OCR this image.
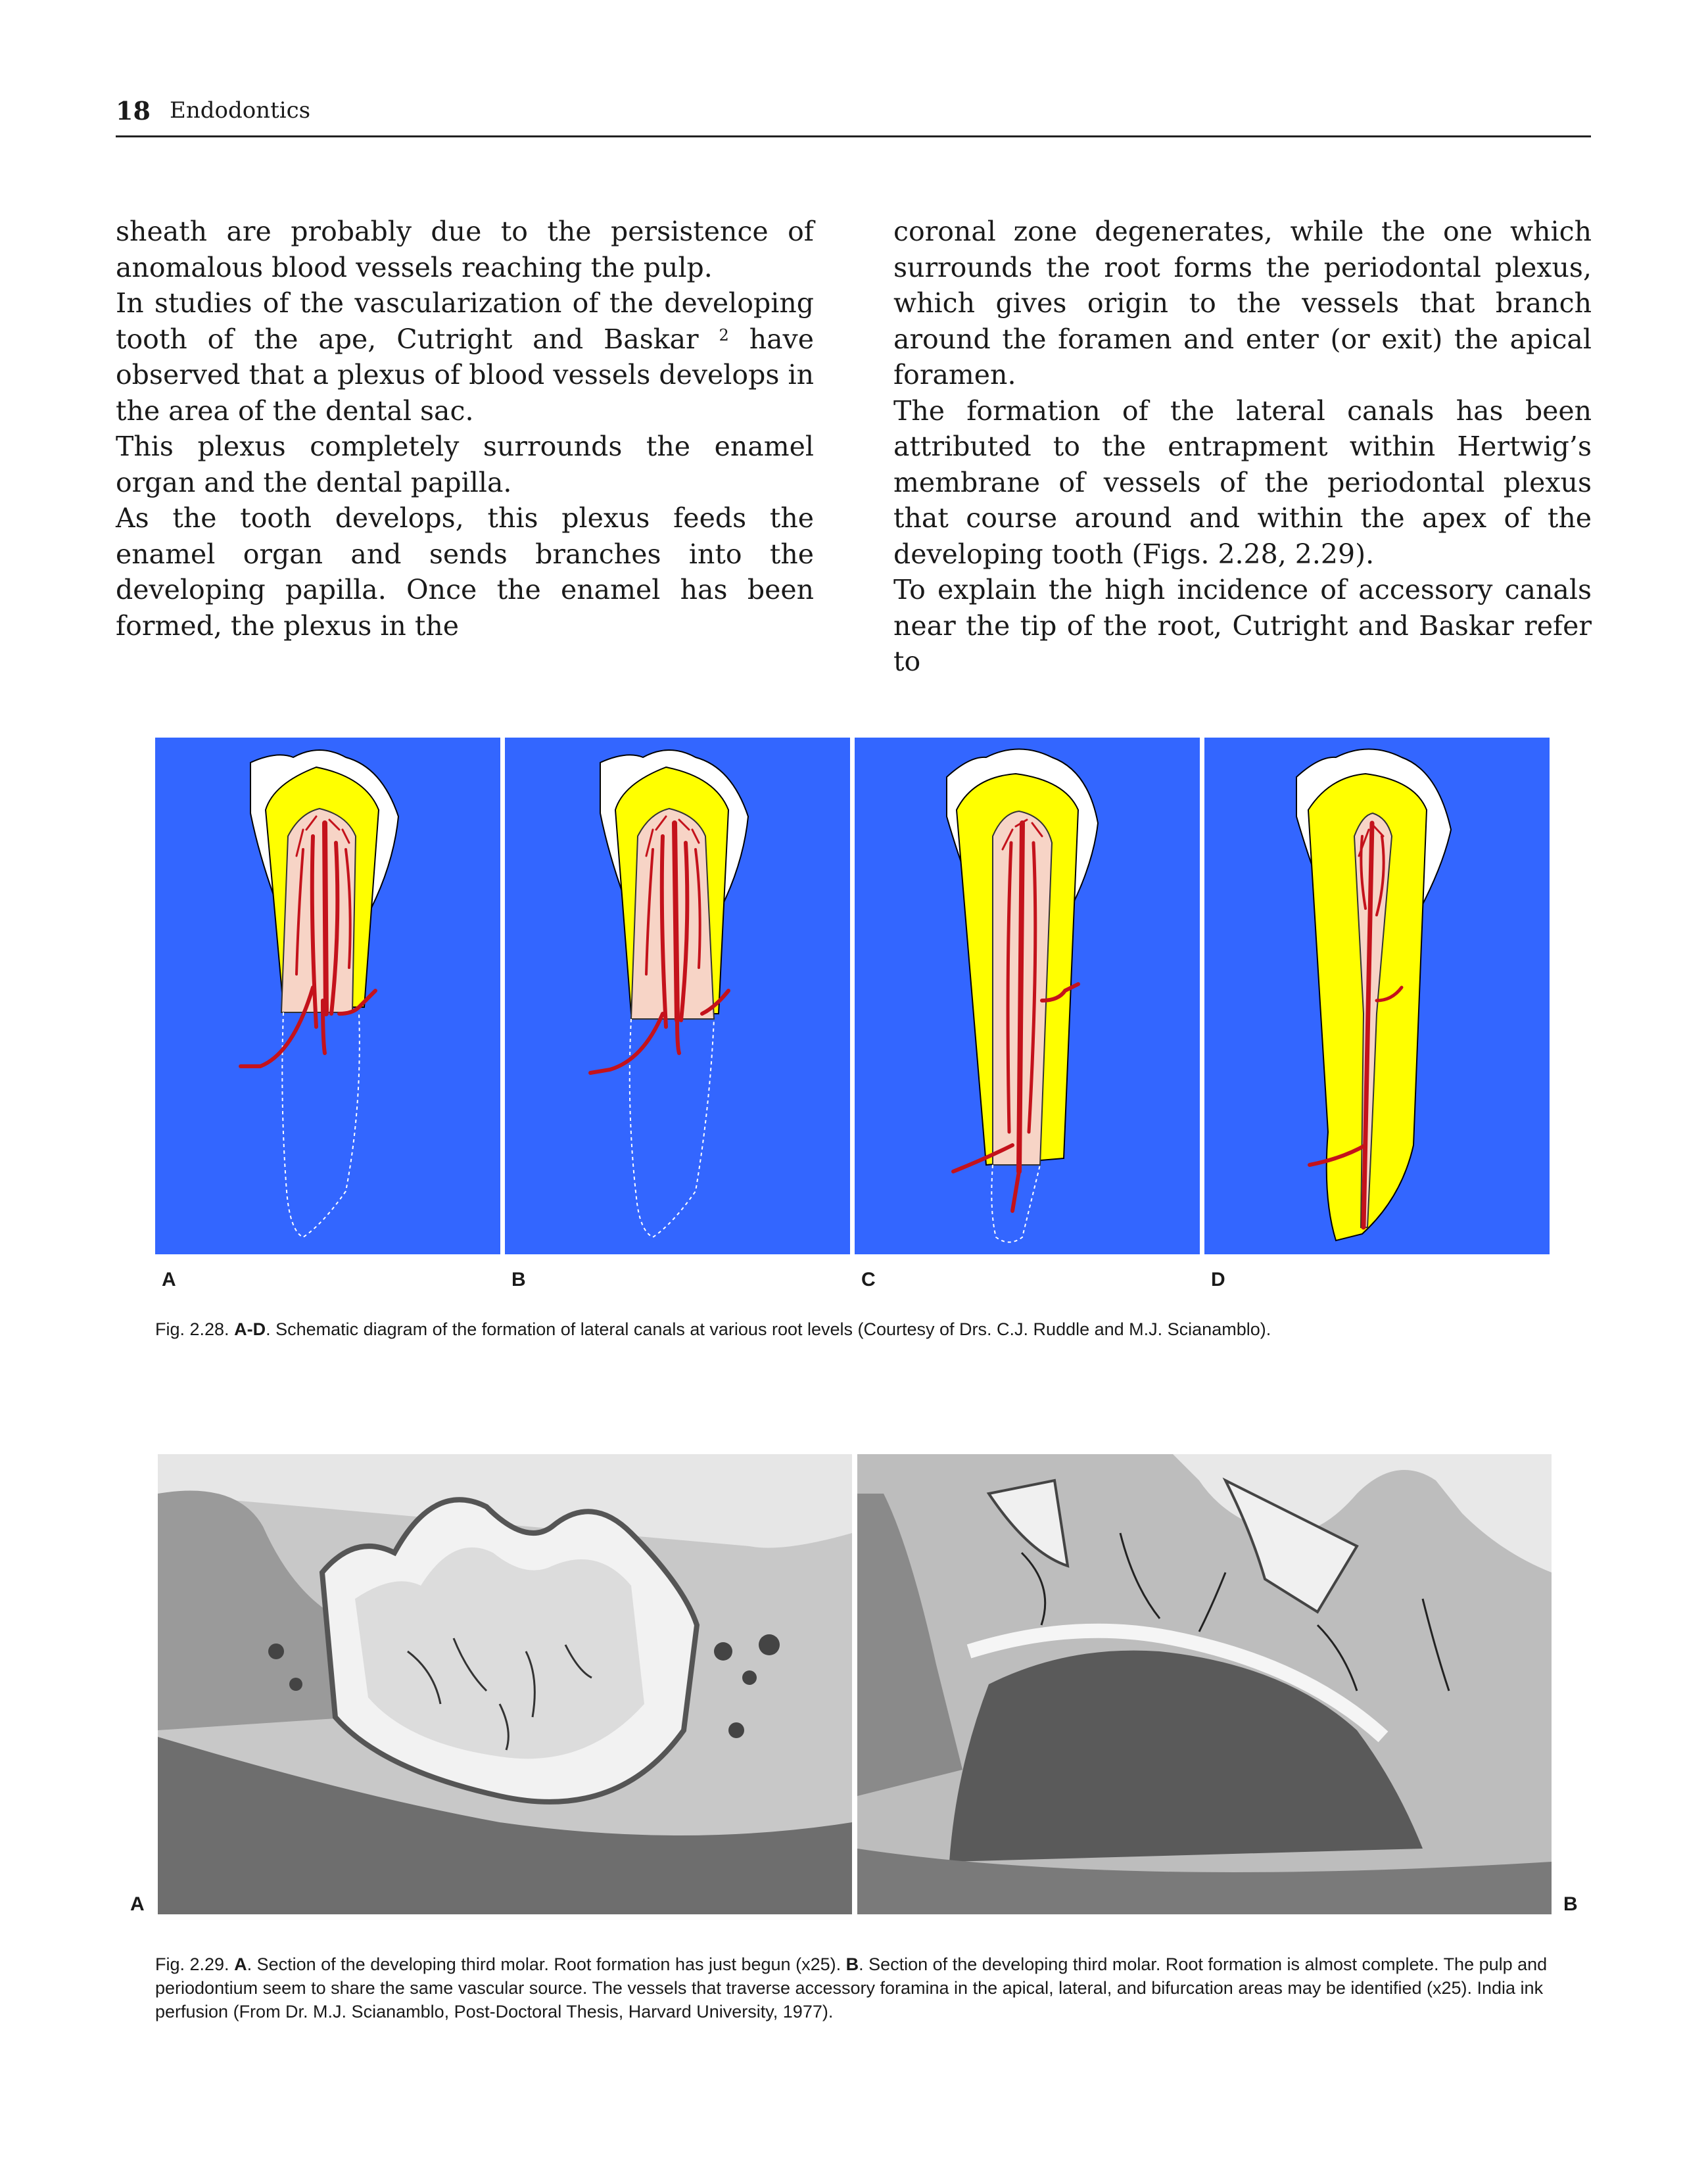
18 Endodontics

sheath are probably due to the persistence of anomalous blood vessels reaching the pulp.

In studies of the vascularization of the developing tooth of the ape, Cutright and Baskar $^2$ have observed that a plexus of blood vessels develops in the area of the dental sac.

This plexus completely surrounds the enamel organ and the dental papilla.

As the tooth develops, this plexus feeds the enamel organ and sends branches into the developing papilla. Once the enamel has been formed, the plexus in the

coronal zone degenerates, while the one which surrounds the root forms the periodontal plexus, which gives origin to the vessels that branch around the foramen and enter (or exit) the apical foramen.

The formation of the lateral canals has been attributed to the entrapment within Hertwig’s membrane of vessels of the periodontal plexus that course around and within the apex of the developing tooth (Figs. 2.28, 2.29).

To explain the high incidence of accessory canals near the tip of the root, Cutright and Baskar refer to

A	B	C	D
Fig. 2.28. A-D. Schematic diagram of the formation of lateral canals at various root levels (Courtesy of Drs. C.J. Ruddle and M.J. Scianamblo).
A	B
Fig. 2.29. A. Section of the developing third molar. Root formation has just begun (x25). B. Section of the developing third molar. Root formation is almost complete. The pulp and periodontium seem to share the same vascular source. The vessels that traverse accessory foramina in the apical, lateral, and bifurcation areas may be identified (x25). India ink perfusion (From Dr. M.J. Scianamblo, Post-Doctoral Thesis, Harvard University, 1977).
